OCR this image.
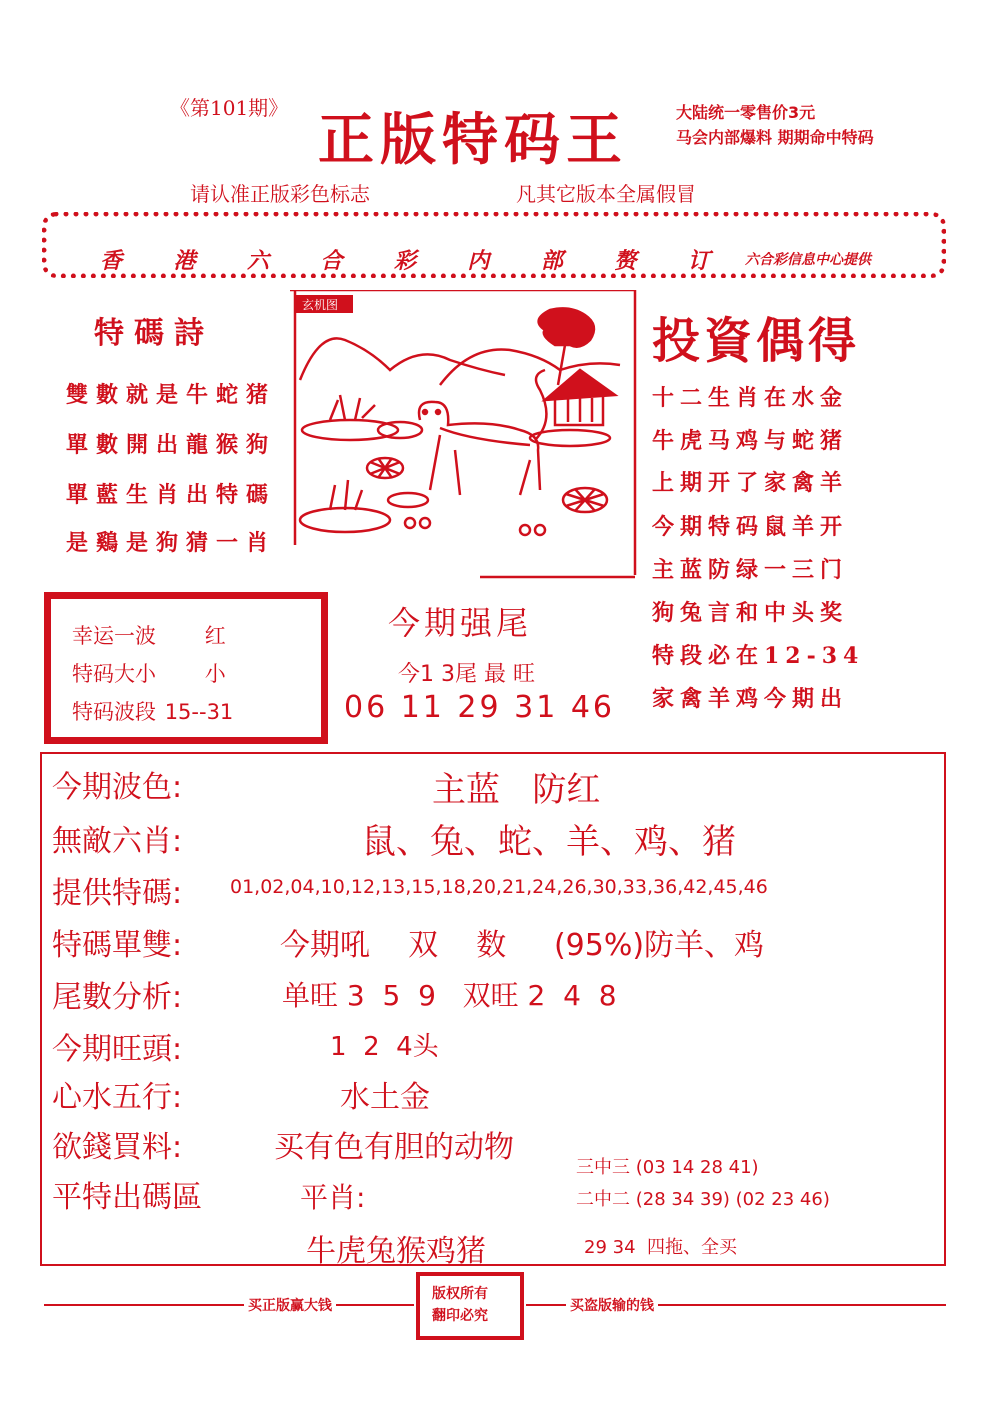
《第101期》 正版特码王	大陆统一零售价3元
马会内部爆料 期期命中特码
请认准正版彩色标志	凡其它版本全属假冒
香 港 六 合 彩 内 部 赘 订	六合彩信息中心提供
特碼詩
雙數就是牛蛇猪
單數開出龍猴狗
單藍生肖出特碼
是鷄是狗猜一肖
玄机图
投資偶得
十二生肖在水金
牛虎马鸡与蛇猪
上期开了家禽羊
今期特码鼠羊开
主蓝防绿一三门
狗兔言和中头奖
特段必在12-34
家禽羊鸡今期出
幸运一波 红
特码大小 小
特码波段 15--31
今期强尾
今1 3尾 最 旺
06 11 29 31 46
今期波色:	主蓝   防红
無敵六肖:	鼠、兔、蛇、羊、鸡、猪
提供特碼:	01,02,04,10,12,13,15,18,20,21,24,26,30,33,36,42,45,46
特碼單雙:	今期吼    双    数     (95%)防羊、鸡
尾數分析:	单旺 3  5  9   双旺 2  4  8
今期旺頭:	1  2  4头
心水五行:	水土金
欲錢買料:	买有色有胆的动物
平特出碼區	平肖:
牛虎兔猴鸡猪
三中三 (03 14 28 41)
二中二 (28 34 39) (02 23 46)
29 34  四拖、全买
买正版赢大钱	买盗版输的钱
版权所有
翻印必究
